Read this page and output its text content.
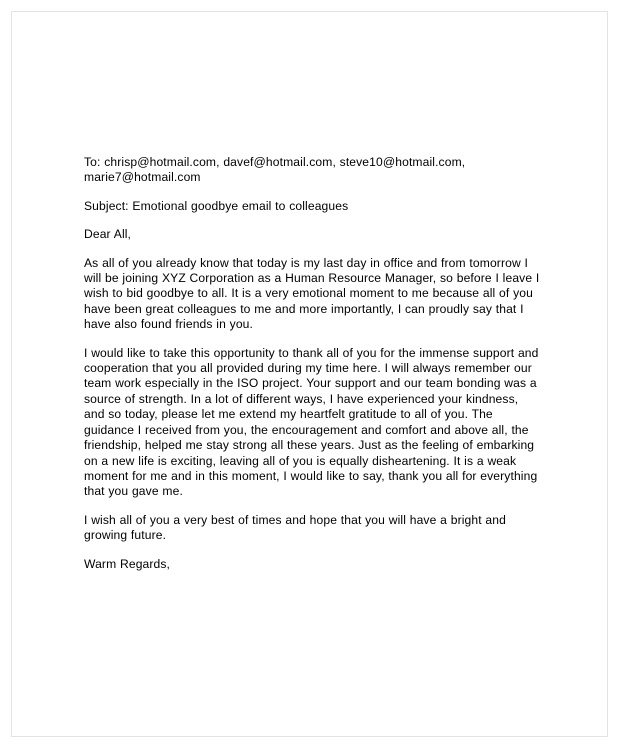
To: chrisp@hotmail.com, davef@hotmail.com, steve10@hotmail.com, marie7@hotmail.com

Subject: Emotional goodbye email to colleagues

Dear All,

As all of you already know that today is my last day in office and from tomorrow I will be joining XYZ Corporation as a Human Resource Manager, so before I leave I wish to bid goodbye to all. It is a very emotional moment to me because all of you have been great colleagues to me and more importantly, I can proudly say that I have also found friends in you.

I would like to take this opportunity to thank all of you for the immense support and cooperation that you all provided during my time here. I will always remember our team work especially in the ISO project. Your support and our team bonding was a source of strength. In a lot of different ways, I have experienced your kindness, and so today, please let me extend my heartfelt gratitude to all of you. The guidance I received from you, the encouragement and comfort and above all, the friendship, helped me stay strong all these years. Just as the feeling of embarking on a new life is exciting, leaving all of you is equally disheartening. It is a weak moment for me and in this moment, I would like to say, thank you all for everything that you gave me.

I wish all of you a very best of times and hope that you will have a bright and growing future.

Warm Regards,
